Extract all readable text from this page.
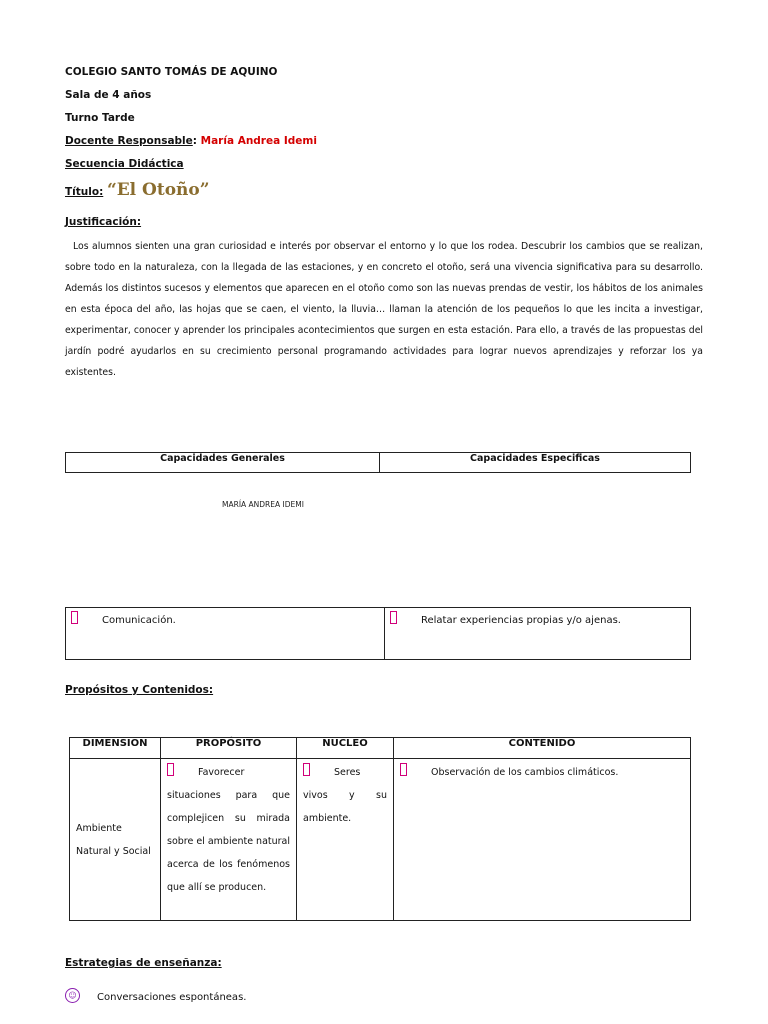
COLEGIO SANTO TOMÁS DE AQUINO
Sala de 4 años
Turno Tarde
Docente Responsable: María Andrea Idemi
Secuencia Didáctica
Título: “El Otoño”
Justificación:

Los alumnos sienten una gran curiosidad e interés por observar el entorno y lo que los rodea. Descubrir los cambios que se realizan, sobre todo en la naturaleza, con la llegada de las estaciones, y en concreto el otoño, será una vivencia significativa para su desarrollo. Además los distintos sucesos y elementos que aparecen en el otoño como son las nuevas prendas de vestir, los hábitos de los animales en esta época del año, las hojas que se caen, el viento, la lluvia… llaman la atención de los pequeños lo que les incita a investigar, experimentar, conocer y aprender los principales acontecimientos que surgen en esta estación. Para ello, a través de las propuestas del jardín podré ayudarlos en su crecimiento personal programando actividades para lograr nuevos aprendizajes y reforzar los ya existentes.

Capacidades Generales	Capacidades Especificas
MARÍA ANDREA IDEMI
Comunicación.	Relatar experiencias propias y/o ajenas.
Propósitos y Contenidos:
DIMENSION	PROPÓSITO	NUCLEO	CONTENIDO
Ambiente Natural y Social	Favorecer situaciones para que complejicen su mirada sobre el ambiente natural acerca de los fenómenos que allí se producen.	Seres vivos y su ambiente.	Observación de los cambios climáticos.
Estrategias de enseñanza:
☺	Conversaciones espontáneas.
